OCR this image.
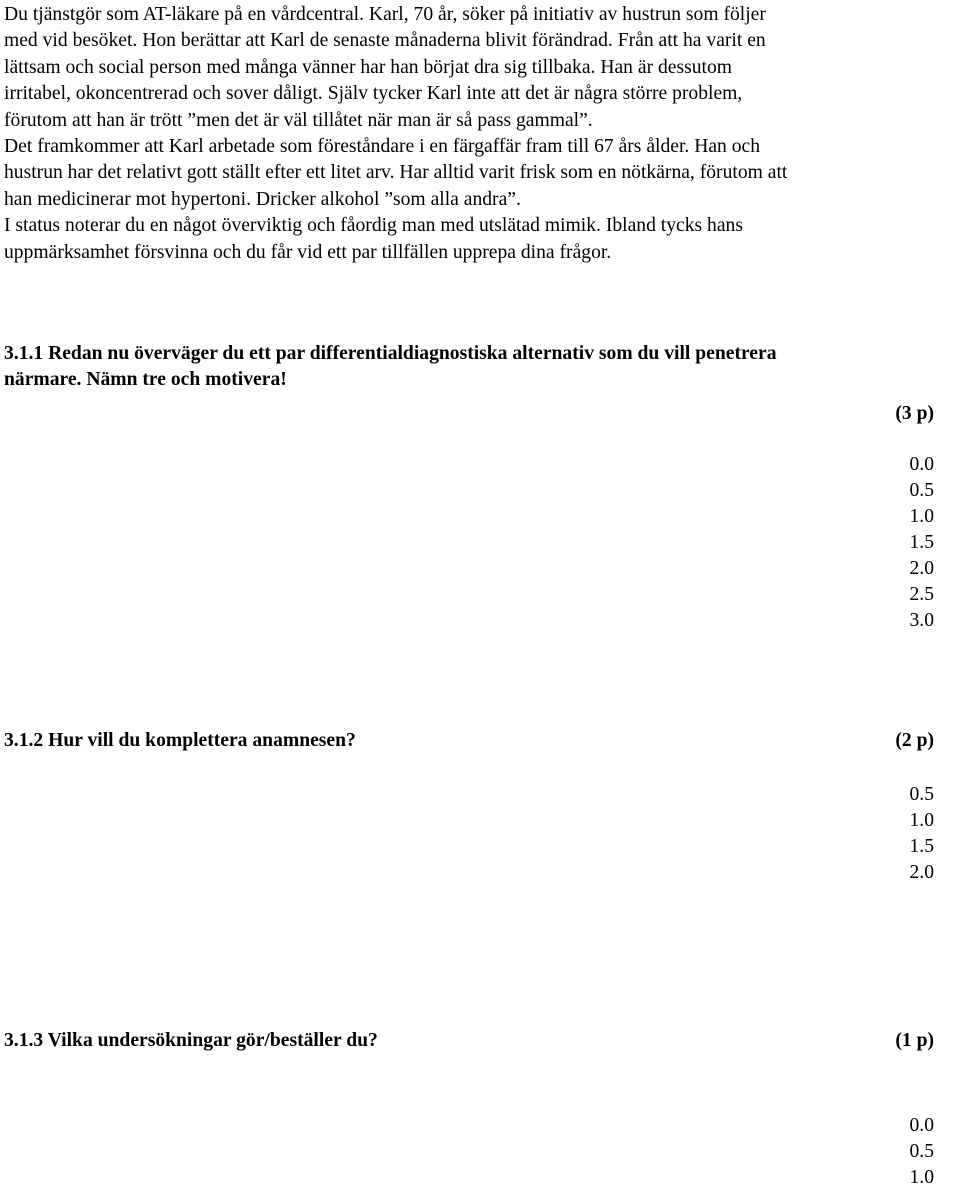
Du tjänstgör som AT-läkare på en vårdcentral. Karl, 70 år, söker på initiativ av hustrun som följer

med vid besöket. Hon berättar att Karl de senaste månaderna blivit förändrad. Från att ha varit en

lättsam och social person med många vänner har han börjat dra sig tillbaka. Han är dessutom

irritabel, okoncentrerad och sover dåligt. Själv tycker Karl inte att det är några större problem,

förutom att han är trött ”men det är väl tillåtet när man är så pass gammal”.

Det framkommer att Karl arbetade som föreståndare i en färgaffär fram till 67 års ålder. Han och

hustrun har det relativt gott ställt efter ett litet arv. Har alltid varit frisk som en nötkärna, förutom att

han medicinerar mot hypertoni. Dricker alkohol ”som alla andra”.

I status noterar du en något överviktig och fåordig man med utslätad mimik. Ibland tycks hans

uppmärksamhet försvinna och du får vid ett par tillfällen upprepa dina frågor.

3.1.1 Redan nu överväger du ett par differentialdiagnostiska alternativ som du vill penetrera

närmare. Nämn tre och motivera!

(3 p)

0.0
0.5
1.0
1.5
2.0
2.5
3.0

3.1.2 Hur vill du komplettera anamnesen?	(2 p)

0.5
1.0
1.5
2.0

3.1.3 Vilka undersökningar gör/beställer du?	(1 p)

0.0
0.5
1.0
